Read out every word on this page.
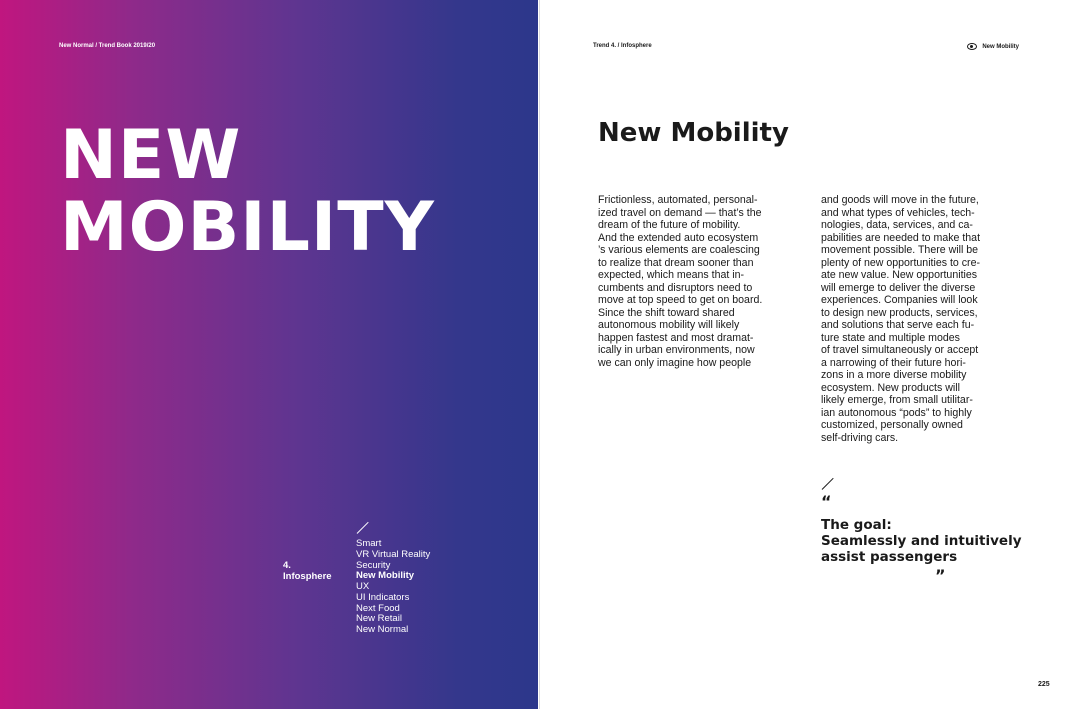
New Normal / Trend Book 2019/20
NEW
MOBILITY
4.
Infosphere
Smart
VR Virtual Reality
Security
New Mobility
UX
UI Indicators
Next Food
New Retail
New Normal
Trend 4. / Infosphere	New Mobility
New Mobility

Frictionless, automated, personal-
ized travel on demand — that’s the
dream of the future of mobility.
And the extended auto ecosystem
’s various elements are coalescing
to realize that dream sooner than
expected, which means that in-
cumbents and disruptors need to
move at top speed to get on board.
Since the shift toward shared
autonomous mobility will likely
happen fastest and most dramat-
ically in urban environments, now
we can only imagine how people

and goods will move in the future,
and what types of vehicles, tech-
nologies, data, services, and ca-
pabilities are needed to make that
movement possible. There will be
plenty of new opportunities to cre-
ate new value. New opportunities
will emerge to deliver the diverse
experiences. Companies will look
to design new products, services,
and solutions that serve each fu-
ture state and multiple modes
of travel simultaneously or accept
a narrowing of their future hori-
zons in a more diverse mobility
ecosystem. New products will
likely emerge, from small utilitar-
ian autonomous “pods” to highly
customized, personally owned
self-driving cars.

“

The goal:
Seamlessly and intuitively
assist passengers

”
225
